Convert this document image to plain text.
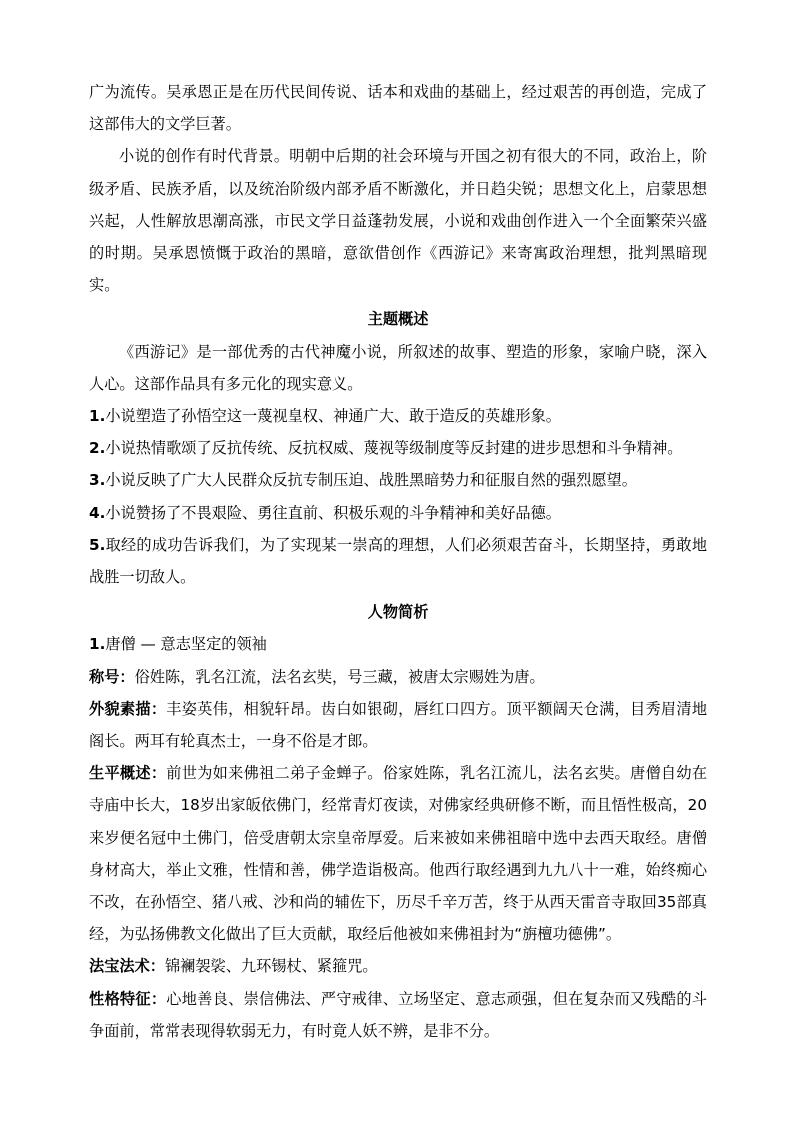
广为流传。吴承恩正是在历代民间传说、话本和戏曲的基础上，经过艰苦的再创造，完成了这部伟大的文学巨著。

小说的创作有时代背景。明朝中后期的社会环境与开国之初有很大的不同，政治上，阶级矛盾、民族矛盾，以及统治阶级内部矛盾不断激化，并日趋尖锐；思想文化上，启蒙思想兴起，人性解放思潮高涨，市民文学日益蓬勃发展，小说和戏曲创作进入一个全面繁荣兴盛的时期。吴承恩愤慨于政治的黑暗，意欲借创作《西游记》来寄寓政治理想，批判黑暗现实。

主题概述

《西游记》是一部优秀的古代神魔小说，所叙述的故事、塑造的形象，家喻户晓，深入人心。这部作品具有多元化的现实意义。

1.小说塑造了孙悟空这一蔑视皇权、神通广大、敢于造反的英雄形象。

2.小说热情歌颂了反抗传统、反抗权威、蔑视等级制度等反封建的进步思想和斗争精神。

3.小说反映了广大人民群众反抗专制压迫、战胜黑暗势力和征服自然的强烈愿望。

4.小说赞扬了不畏艰险、勇往直前、积极乐观的斗争精神和美好品德。

5.取经的成功告诉我们，为了实现某一崇高的理想，人们必须艰苦奋斗，长期坚持，勇敢地战胜一切敌人。

人物简析

1.唐僧 — 意志坚定的领袖

称号：俗姓陈，乳名江流，法名玄奘，号三藏，被唐太宗赐姓为唐。

外貌素描：丰姿英伟，相貌轩昂。齿白如银砌，唇红口四方。顶平额阔天仓满，目秀眉清地阁长。两耳有轮真杰士，一身不俗是才郎。

生平概述：前世为如来佛祖二弟子金蝉子。俗家姓陈，乳名江流儿，法名玄奘。唐僧自幼在寺庙中长大，18岁出家皈依佛门，经常青灯夜读，对佛家经典研修不断，而且悟性极高，20来岁便名冠中土佛门，倍受唐朝太宗皇帝厚爱。后来被如来佛祖暗中选中去西天取经。唐僧身材高大，举止文雅，性情和善，佛学造诣极高。他西行取经遇到九九八十一难，始终痴心不改，在孙悟空、猪八戒、沙和尚的辅佐下，历尽千辛万苦，终于从西天雷音寺取回35部真经，为弘扬佛教文化做出了巨大贡献，取经后他被如来佛祖封为“旃檀功德佛”。

法宝法术：锦襕袈裟、九环锡杖、紧箍咒。

性格特征：心地善良、崇信佛法、严守戒律、立场坚定、意志顽强，但在复杂而又残酷的斗争面前，常常表现得软弱无力，有时竟人妖不辨，是非不分。
